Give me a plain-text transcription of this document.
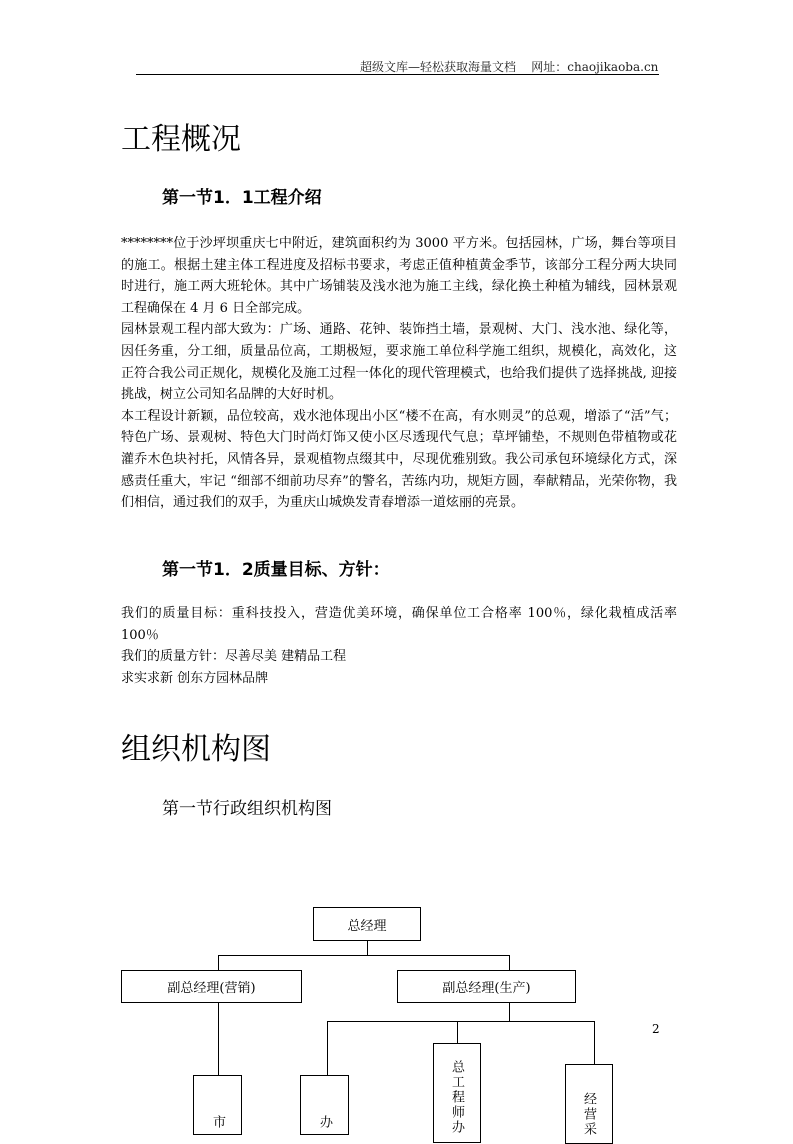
超级文库—轻松获取海量文档    网址：chaojikaoba.cn
工程概况
第一节1．1工程介绍

********位于沙坪坝重庆七中附近，建筑面积约为 3000 平方米。包括园林，广场，舞台等项目的施工。根据土建主体工程进度及招标书要求，考虑正值种植黄金季节，该部分工程分两大块同时进行，施工两大班轮休。其中广场铺装及浅水池为施工主线，绿化换土种植为辅线，园林景观工程确保在 4 月 6 日全部完成。

园林景观工程内部大致为：广场、通路、花钟、装饰挡土墙，景观树、大门、浅水池、绿化等，因任务重，分工细，质量品位高，工期极短，要求施工单位科学施工组织，规模化，高效化，这正符合我公司正规化，规模化及施工过程一体化的现代管理模式，也给我们提供了选择挑战, 迎接挑战，树立公司知名品牌的大好时机。

本工程设计新颖，品位较高，戏水池体现出小区“楼不在高，有水则灵”的总观，增添了“活”气；特色广场、景观树、特色大门时尚灯饰又使小区尽透现代气息；草坪铺垫，不规则色带植物或花灌乔木色块衬托，风情各异，景观植物点缀其中，尽现优雅别致。我公司承包环境绿化方式，深感责任重大，牢记 “细部不细前功尽弃”的警名，苦练内功，规矩方圆，奉献精品，光荣你物，我们相信，通过我们的双手，为重庆山城焕发青春增添一道炫丽的亮景。

第一节1．2质量目标、方针：

我们的质量目标：重科技投入，营造优美环境，确保单位工合格率 100％，绿化栽植成活率 100％

我们的质量方针：尽善尽美 建精品工程

求实求新 创东方园林品牌

组织机构图
第一节行政组织机构图
总经理
副总经理(营销)	副总经理(生产)
市	办	总工程师办	经营采
2
